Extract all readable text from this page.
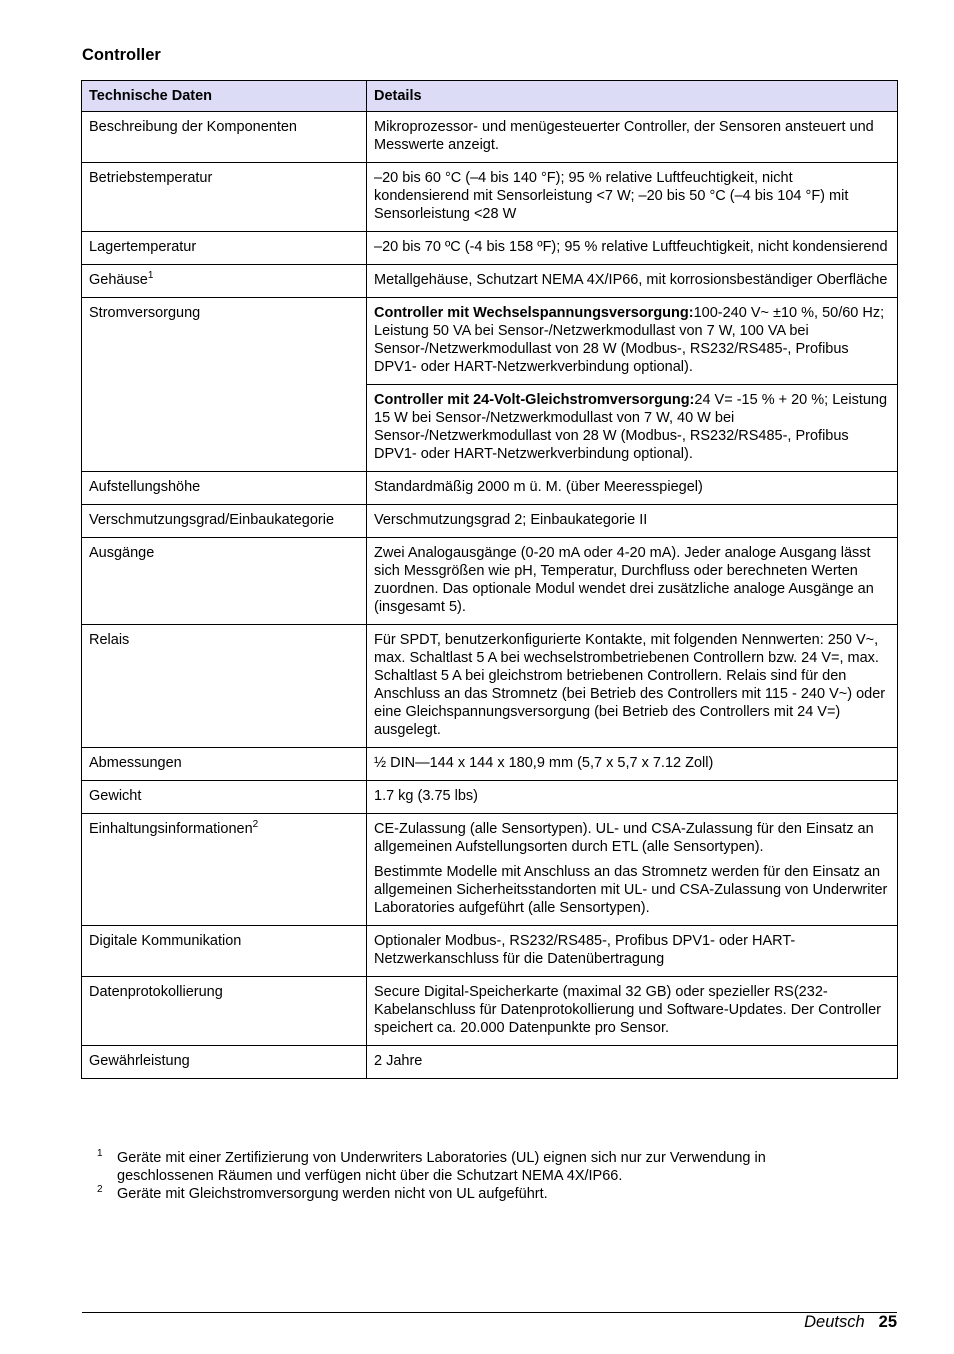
Controller
Technische Daten	Details
Beschreibung der Komponenten	Mikroprozessor- und menügesteuerter Controller, der Sensoren ansteuert und Messwerte anzeigt.
Betriebstemperatur	–20 bis 60 °C (–4 bis 140 °F); 95 % relative Luftfeuchtigkeit, nicht kondensierend mit Sensorleistung <7 W; –20 bis 50 °C (–4 bis 104 °F) mit Sensorleistung <28 W
Lagertemperatur	–20 bis 70 ºC (-4 bis 158 ºF); 95 % relative Luftfeuchtigkeit, nicht kondensierend
Gehäuse$^1$	Metallgehäuse, Schutzart NEMA 4X/IP66, mit korrosionsbeständiger Oberfläche
Stromversorgung	Controller mit Wechselspannungsversorgung:100-240 V~ ±10 %, 50/60 Hz; Leistung 50 VA bei Sensor-/Netzwerkmodullast von 7 W, 100 VA bei Sensor-/Netzwerkmodullast von 28 W (Modbus-, RS232/RS485-, Profibus DPV1- oder HART-Netzwerkverbindung optional).
	Controller mit 24-Volt-Gleichstromversorgung:24 V= -15 % + 20 %; Leistung 15 W bei Sensor-/Netzwerkmodullast von 7 W, 40 W bei Sensor-/Netzwerkmodullast von 28 W (Modbus-, RS232/RS485-, Profibus DPV1- oder HART-Netzwerkverbindung optional).
Aufstellungshöhe	Standardmäßig 2000 m ü. M. (über Meeresspiegel)
Verschmutzungsgrad/Einbaukategorie	Verschmutzungsgrad 2; Einbaukategorie II
Ausgänge	Zwei Analogausgänge (0-20 mA oder 4-20 mA). Jeder analoge Ausgang lässt sich Messgrößen wie pH, Temperatur, Durchfluss oder berechneten Werten zuordnen. Das optionale Modul wendet drei zusätzliche analoge Ausgänge an (insgesamt 5).
Relais	Für SPDT, benutzerkonfigurierte Kontakte, mit folgenden Nennwerten: 250 V~, max. Schaltlast 5 A bei wechselstrombetriebenen Controllern bzw. 24 V=, max. Schaltlast 5 A bei gleichstrom betriebenen Controllern. Relais sind für den Anschluss an das Stromnetz (bei Betrieb des Controllers mit 115 - 240 V~) oder eine Gleichspannungsversorgung (bei Betrieb des Controllers mit 24 V=) ausgelegt.
Abmessungen	½ DIN—144 x 144 x 180,9 mm (5,7 x 5,7 x 7.12 Zoll)
Gewicht	1.7 kg (3.75 lbs)
Einhaltungsinformationen$^2$	CE-Zulassung (alle Sensortypen). UL- und CSA-Zulassung für den Einsatz an allgemeinen Aufstellungsorten durch ETL (alle Sensortypen).
Bestimmte Modelle mit Anschluss an das Stromnetz werden für den Einsatz an allgemeinen Sicherheitsstandorten mit UL- und CSA-Zulassung von Underwriter Laboratories aufgeführt (alle Sensortypen).

Digitale Kommunikation	Optionaler Modbus-, RS232/RS485-, Profibus DPV1- oder HART-Netzwerkanschluss für die Datenübertragung
Datenprotokollierung	Secure Digital-Speicherkarte (maximal 32 GB) oder spezieller RS(232-Kabelanschluss für Datenprotokollierung und Software-Updates. Der Controller speichert ca. 20.000 Datenpunkte pro Sensor.
Gewährleistung	2 Jahre
1 Geräte mit einer Zertifizierung von Underwriters Laboratories (UL) eignen sich nur zur Verwendung in geschlossenen Räumen und verfügen nicht über die Schutzart NEMA 4X/IP66.
2 Geräte mit Gleichstromversorgung werden nicht von UL aufgeführt.
Deutsch 25
